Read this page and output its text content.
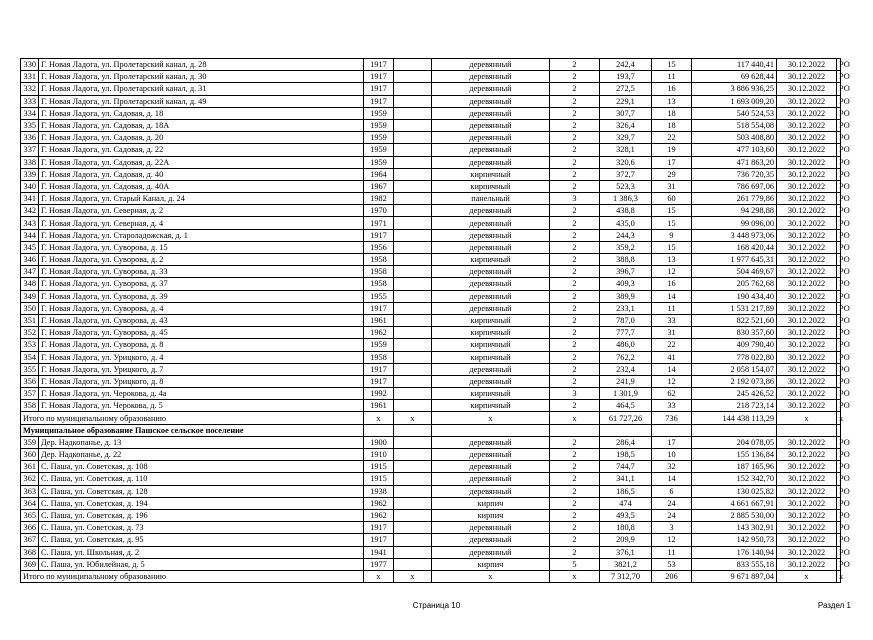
330	Г. Новая Ладога, ул. Пролетарский канал, д. 28	1917		деревянный	2	242,4	15	117 440,41	30.12.2022	РО
331	Г. Новая Ладога, ул. Пролетарский канал, д. 30	1917		деревянный	2	193,7	11	69 628,44	30.12.2022	РО
332	Г. Новая Ладога, ул. Пролетарский канал, д. 31	1917		деревянный	2	272,5	16	3 886 936,25	30.12.2022	РО
333	Г. Новая Ладога, ул. Пролетарский канал, д. 49	1917		деревянный	2	229,1	13	1 693 009,20	30.12.2022	РО
334	Г. Новая Ладога, ул. Садовая, д. 18	1959		деревянный	2	307,7	18	540 524,53	30.12.2022	РО
335	Г. Новая Ладога, ул. Садовая, д. 18А	1959		деревянный	2	326,4	18	518 554,08	30.12.2022	РО
336	Г. Новая Ладога, ул. Садовая, д. 20	1959		деревянный	2	329,7	22	503 408,80	30.12.2022	РО
337	Г. Новая Ладога, ул. Садовая, д. 22	1959		деревянный	2	328,1	19	477 103,60	30.12.2022	РО
338	Г. Новая Ладога, ул. Садовая, д. 22А	1959		деревянный	2	320,6	17	471 863,20	30.12.2022	РО
339	Г. Новая Ладога, ул. Садовая, д. 40	1964		кирпичный	2	372,7	29	736 720,35	30.12.2022	РО
340	Г. Новая Ладога, ул. Садовая, д. 40А	1967		кирпичный	2	523,3	31	786 697,06	30.12.2022	РО
341	Г. Новая Ладога, ул. Старый Канал, д. 24	1982		панельный	3	1 386,3	60	261 779,86	30.12.2022	РО
342	Г. Новая Ладога, ул. Северная, д. 2	1970		деревянный	2	438,8	15	94 298,88	30.12.2022	РО
343	Г. Новая Ладога, ул. Северная, д. 4	1971		деревянный	2	435,0	15	99 096,00	30.12.2022	РО
344	Г. Новая Ладога, ул. Староладожская, д. 1	1917		деревянный	2	244,3	9	3 448 973,06	30.12.2022	РО
345	Г. Новая Ладога, ул. Суворова, д. 15	1956		деревянный	2	359,2	15	168 420,44	30.12.2022	РО
346	Г. Новая Ладога, ул. Суворова, д. 2	1958		кирпичный	2	388,8	13	1 977 645,31	30.12.2022	РО
347	Г. Новая Ладога, ул. Суворова, д. 33	1958		деревянный	2	396,7	12	504 469,67	30.12.2022	РО
348	Г. Новая Ладога, ул. Суворова, д. 37	1958		деревянный	2	409,3	16	205 762,68	30.12.2022	РО
349	Г. Новая Ладога, ул. Суворова, д. 39	1955		деревянный	2	389,9	14	190 434,40	30.12.2022	РО
350	Г. Новая Ладога, ул. Суворова, д. 4	1917		деревянный	2	233,1	11	1 531 217,89	30.12.2022	РО
351	Г. Новая Ладога, ул. Суворова, д. 43	1961		кирпичный	2	787,0	33	822 521,60	30.12.2022	РО
352	Г. Новая Ладога, ул. Суворова, д. 45	1962		кирпичный	2	777,7	31	830 357,60	30.12.2022	РО
353	Г. Новая Ладога, ул. Суворова, д. 8	1959		кирпичный	2	486,0	22	409 790,40	30.12.2022	РО
354	Г. Новая Ладога, ул. Урицкого, д. 4	1958		кирпичный	2	762,2	41	778 022,80	30.12.2022	РО
355	Г. Новая Ладога, ул. Урицкого, д. 7	1917		деревянный	2	232,4	14	2 058 154,07	30.12.2022	РО
356	Г. Новая Ладога, ул. Урицкого, д. 8	1917		деревянный	2	241,9	12	2 192 073,86	30.12.2022	РО
357	Г. Новая Ладога, ул. Черокова, д. 4а	1992		кирпичный	3	1 301,9	62	245 426,52	30.12.2022	РО
358	Г. Новая Ладога, ул. Черокова, д. 5	1961		кирпичный	2	464,5	33	218 723,14	30.12.2022	РО
Итого по муниципальному образованию		х	х	х	х	61 727,26	736	144 438 113,29	х	х
Муниципальное образование Пашское сельское поселение										
359	Дер. Надкопанье, д. 13	1900		деревянный	2	286,4	17	204 078,05	30.12.2022	РО
360	Дер. Надкопанье, д. 22	1910		деревянный	2	198,5	10	155 136,84	30.12.2022	РО
361	С. Паша, ул. Советская, д. 108	1915		деревянный	2	744,7	32	187 165,96	30.12.2022	РО
362	С. Паша, ул. Советская, д. 110	1915		деревянный	2	341,1	14	152 342,70	30.12.2022	РО
363	С. Паша, ул. Советская, д. 128	1938		деревянный	2	186,5	6	130 025,82	30.12.2022	РО
364	С. Паша, ул. Советская, д. 194	1962		кирпич	2	474	24	4 661 667,91	30.12.2022	РО
365	С. Паша, ул. Советская, д. 196	1962		кирпич	2	493,5	24	2 885 530,00	30.12.2022	РО
366	С. Паша, ул. Советская, д. 73	1917		деревянный	2	180,8	3	143 302,91	30.12.2022	РО
367	С. Паша, ул. Советская, д. 95	1917		деревянный	2	209,9	12	142 950,73	30.12.2022	РО
368	С. Паша, ул. Школьная, д. 2	1941		деревянный	2	376,1	11	176 140,94	30.12.2022	РО
369	С. Паша, ул. Юбилейная, д. 5	1977		кирпич	5	3821,2	53	833 555,18	30.12.2022	РО
Итого по муниципальному образованию		х	х	х	х	7 312,70	206	9 671 897,04	х	х
Страница 10	Раздел 1
